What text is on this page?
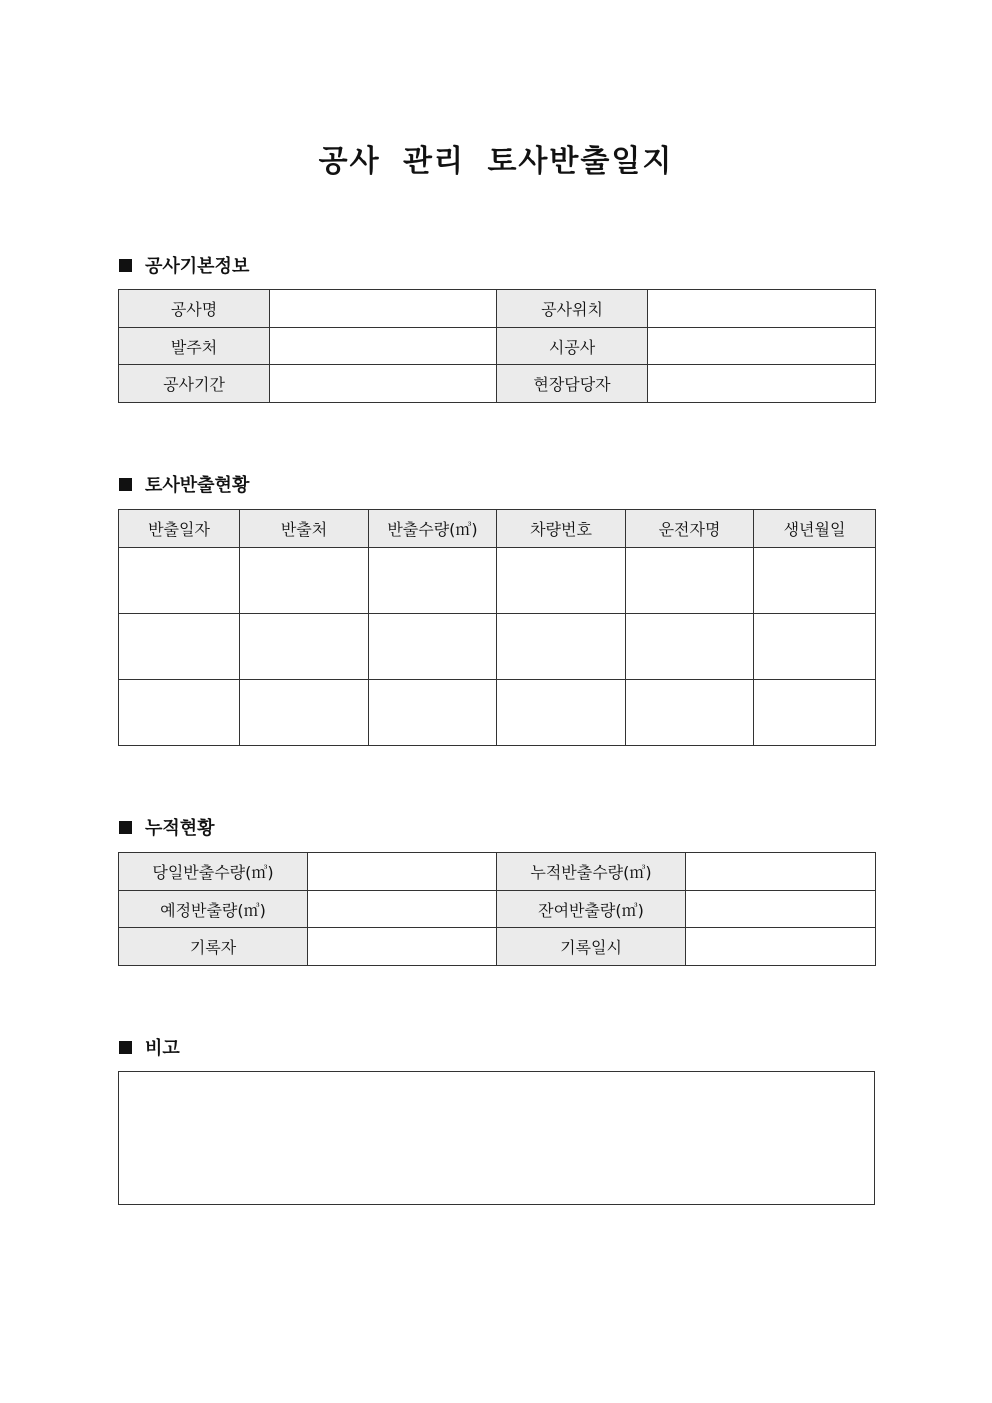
공사 관리 토사반출일지
공사기본정보
공사명		공사위치	
발주처		시공사	
공사기간		현장담당자	
토사반출현황
반출일자	반출처	반출수량(㎥)	차량번호	운전자명	생년월일

누적현황
당일반출수량(㎥)		누적반출수량(㎥)	
예정반출량(㎥)		잔여반출량(㎥)	
기록자		기록일시	
비고
